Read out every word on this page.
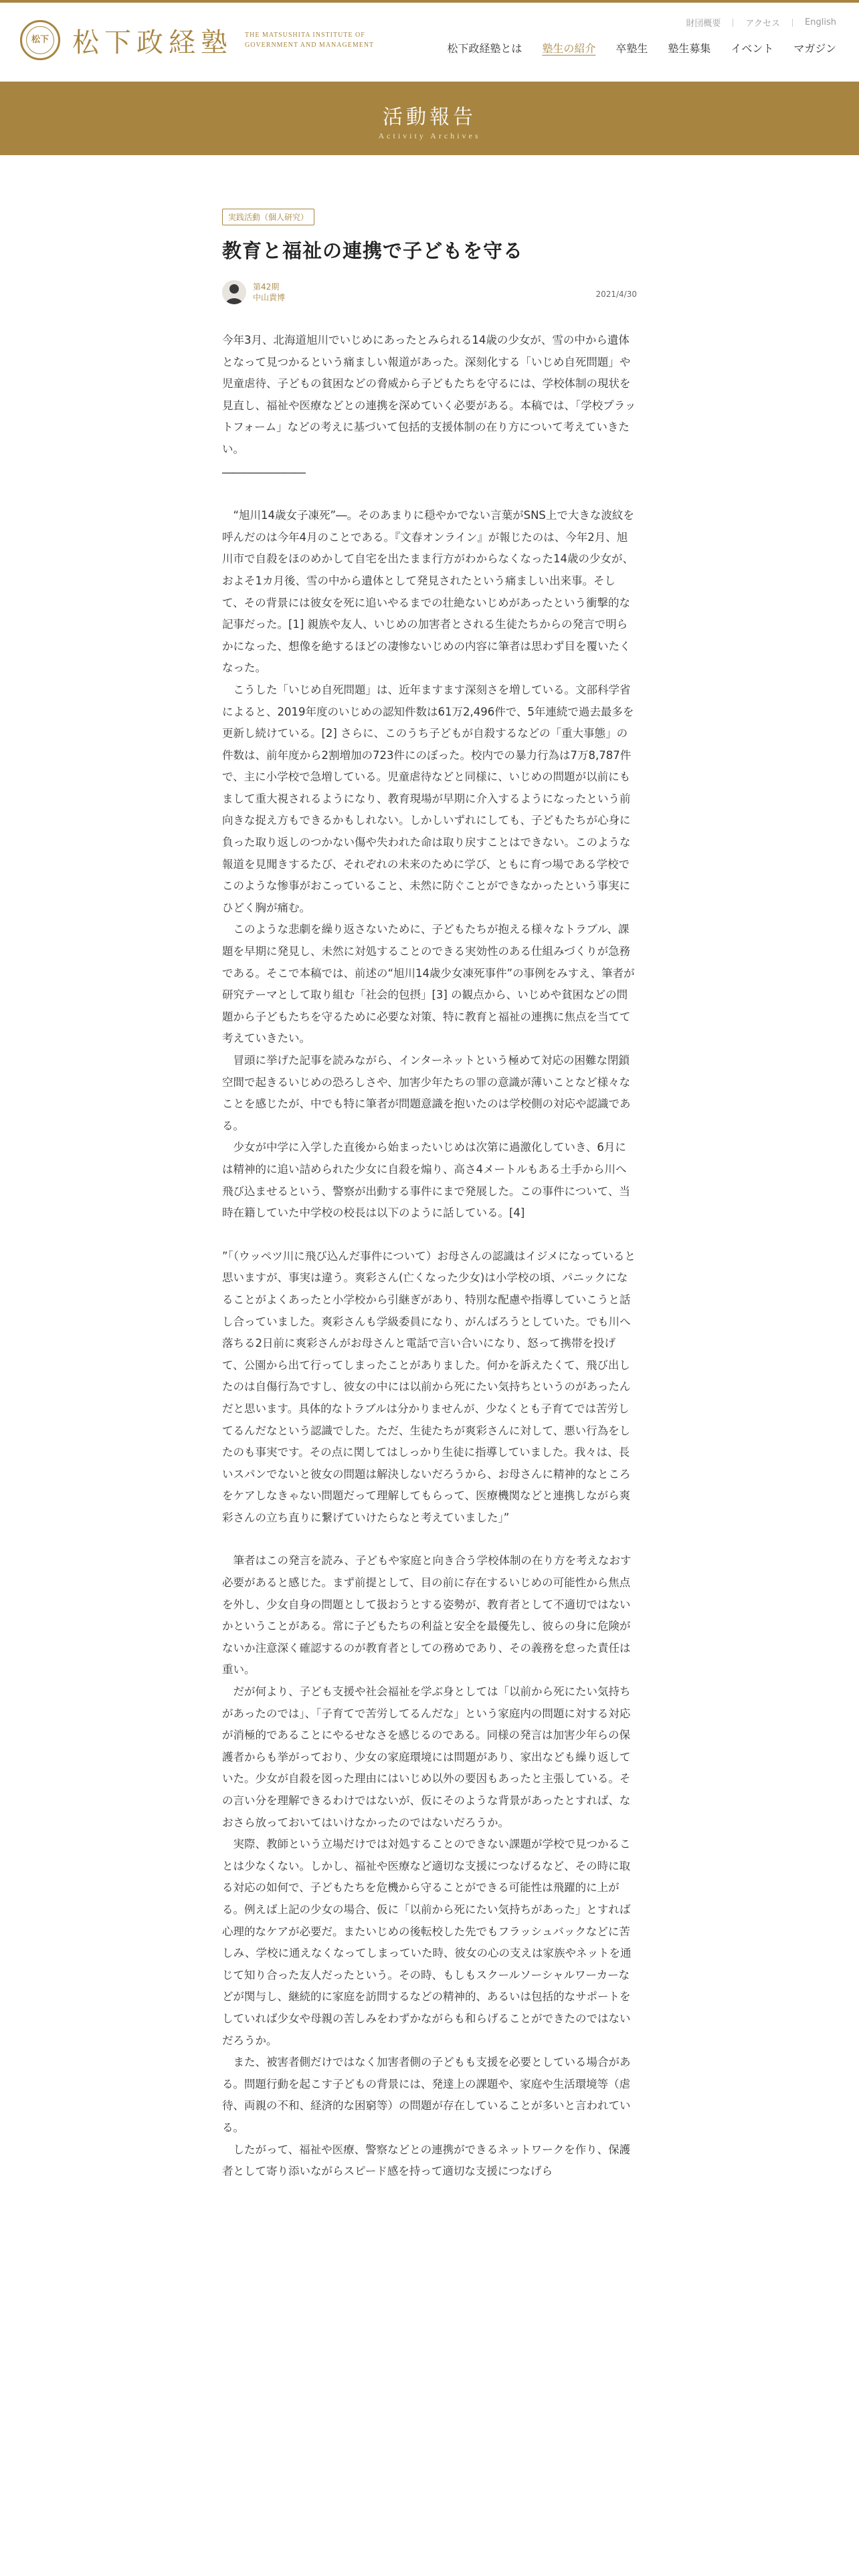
松下 松下政経塾 THE MATSUSHITA INSTITUTE OF
GOVERNMENT AND MANAGEMENT
財団概要	アクセス	English
松下政経塾とは 塾生の紹介 卒塾生 塾生募集 イベント マガジン
活動報告

Activity Archives

実践活動（個人研究）
教育と福祉の連携で子どもを守る
第42期
中山貴博	2021/4/30

今年3月、北海道旭川でいじめにあったとみられる14歳の少女が、雪の中から遺体となって見つかるという痛ましい報道があった。深刻化する「いじめ自死問題」や児童虐待、子どもの貧困などの脅威から子どもたちを守るには、学校体制の現状を見直し、福祉や医療などとの連携を深めていく必要がある。本稿では、「学校プラットフォーム」などの考えに基づいて包括的支援体制の在り方について考えていきたい。

――――――――

“旭川14歳女子凍死”―。そのあまりに穏やかでない言葉がSNS上で大きな波紋を呼んだのは今年4月のことである。『文春オンライン』が報じたのは、今年2月、旭川市で自殺をほのめかして自宅を出たまま行方がわからなくなった14歳の少女が、およそ1カ月後、雪の中から遺体として発見されたという痛ましい出来事。そして、その背景には彼女を死に追いやるまでの壮絶ないじめがあったという衝撃的な記事だった。[1] 親族や友人、いじめの加害者とされる生徒たちからの発言で明らかになった、想像を絶するほどの凄惨ないじめの内容に筆者は思わず目を覆いたくなった。

こうした「いじめ自死問題」は、近年ますます深刻さを増している。文部科学省によると、2019年度のいじめの認知件数は61万2,496件で、5年連続で過去最多を更新し続けている。[2] さらに、このうち子どもが自殺するなどの「重大事態」の件数は、前年度から2割増加の723件にのぼった。校内での暴力行為は7万8,787件で、主に小学校で急増している。児童虐待などと同様に、いじめの問題が以前にもまして重大視されるようになり、教育現場が早期に介入するようになったという前向きな捉え方もできるかもしれない。しかしいずれにしても、子どもたちが心身に負った取り返しのつかない傷や失われた命は取り戻すことはできない。このような報道を見聞きするたび、それぞれの未来のために学び、ともに育つ場である学校でこのような惨事がおこっていること、未然に防ぐことができなかったという事実にひどく胸が痛む。

このような悲劇を繰り返さないために、子どもたちが抱える様々なトラブル、課題を早期に発見し、未然に対処することのできる実効性のある仕組みづくりが急務である。そこで本稿では、前述の“旭川14歳少女凍死事件”の事例をみすえ、筆者が研究テーマとして取り組む「社会的包摂」[3] の観点から、いじめや貧困などの問題から子どもたちを守るために必要な対策、特に教育と福祉の連携に焦点を当てて考えていきたい。

冒頭に挙げた記事を読みながら、インターネットという極めて対応の困難な閉鎖空間で起きるいじめの恐ろしさや、加害少年たちの罪の意識が薄いことなど様々なことを感じたが、中でも特に筆者が問題意識を抱いたのは学校側の対応や認識である。

少女が中学に入学した直後から始まったいじめは次第に過激化していき、6月には精神的に追い詰められた少女に自殺を煽り、高さ4メートルもある土手から川へ飛び込ませるという、警察が出動する事件にまで発展した。この事件について、当時在籍していた中学校の校長は以下のように話している。[4]

”「（ウッペツ川に飛び込んだ事件について）お母さんの認識はイジメになっていると思いますが、事実は違う。爽彩さん(亡くなった少女)は小学校の頃、パニックになることがよくあったと小学校から引継ぎがあり、特別な配慮や指導していこうと話し合っていました。爽彩さんも学級委員になり、がんばろうとしていた。でも川へ落ちる2日前に爽彩さんがお母さんと電話で言い合いになり、怒って携帯を投げて、公園から出て行ってしまったことがありました。何かを訴えたくて、飛び出したのは自傷行為ですし、彼女の中には以前から死にたい気持ちというのがあったんだと思います。具体的なトラブルは分かりませんが、少なくとも子育てでは苦労してるんだなという認識でした。ただ、生徒たちが爽彩さんに対して、悪い行為をしたのも事実です。その点に関してはしっかり生徒に指導していました。我々は、長いスパンでないと彼女の問題は解決しないだろうから、お母さんに精神的なところをケアしなきゃない問題だって理解してもらって、医療機関などと連携しながら爽彩さんの立ち直りに繋げていけたらなと考えていました」”

筆者はこの発言を読み、子どもや家庭と向き合う学校体制の在り方を考えなおす必要があると感じた。まず前提として、目の前に存在するいじめの可能性から焦点を外し、少女自身の問題として扱おうとする姿勢が、教育者として不適切ではないかということがある。常に子どもたちの利益と安全を最優先し、彼らの身に危険がないか注意深く確認するのが教育者としての務めであり、その義務を怠った責任は重い。

だが何より、子ども支援や社会福祉を学ぶ身としては「以前から死にたい気持ちがあったのでは」、「子育てで苦労してるんだな」という家庭内の問題に対する対応が消極的であることにやるせなさを感じるのである。同様の発言は加害少年らの保護者からも挙がっており、少女の家庭環境には問題があり、家出なども繰り返していた。少女が自殺を図った理由にはいじめ以外の要因もあったと主張している。その言い分を理解できるわけではないが、仮にそのような背景があったとすれば、なおさら放っておいてはいけなかったのではないだろうか。

実際、教師という立場だけでは対処することのできない課題が学校で見つかることは少なくない。しかし、福祉や医療など適切な支援につなげるなど、その時に取る対応の如何で、子どもたちを危機から守ることができる可能性は飛躍的に上がる。例えば上記の少女の場合、仮に「以前から死にたい気持ちがあった」とすれば心理的なケアが必要だ。またいじめの後転校した先でもフラッシュバックなどに苦しみ、学校に通えなくなってしまっていた時、彼女の心の支えは家族やネットを通じて知り合った友人だったという。その時、もしもスクールソーシャルワーカーなどが関与し、継続的に家庭を訪問するなどの精神的、あるいは包括的なサポートをしていれば少女や母親の苦しみをわずかながらも和らげることができたのではないだろうか。

また、被害者側だけではなく加害者側の子どもも支援を必要としている場合がある。問題行動を起こす子どもの背景には、発達上の課題や、家庭や生活環境等（虐待、両親の不和、経済的な困窮等）の問題が存在していることが多いと言われている。

したがって、福祉や医療、警察などとの連携ができるネットワークを作り、保護者として寄り添いながらスピード感を持って適切な支援につなげら
